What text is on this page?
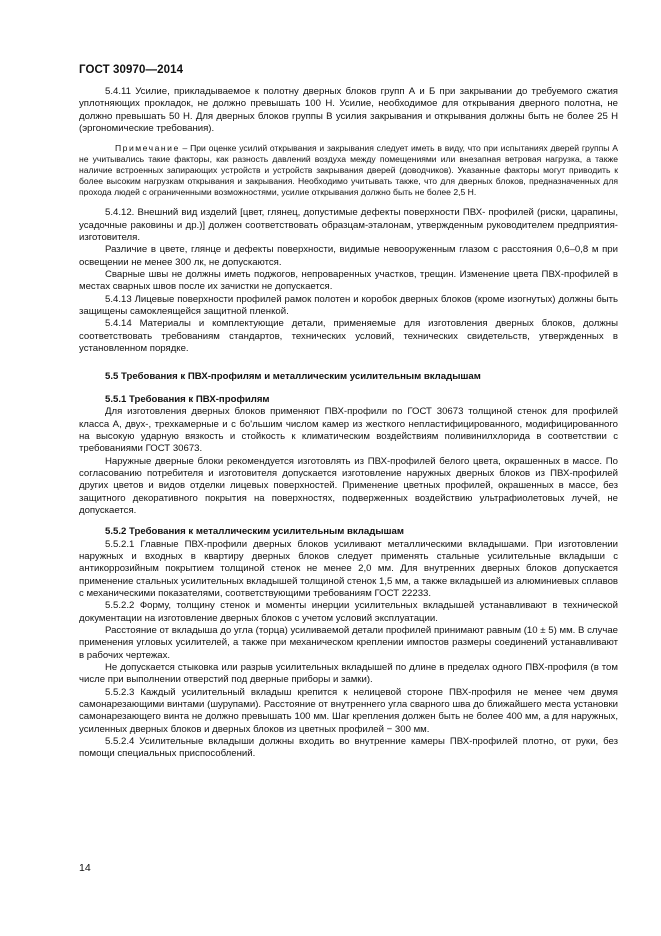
ГОСТ 30970—2014

5.4.11 Усилие, прикладываемое к полотну дверных блоков групп А и Б при закрывании до требуемого сжатия уплотняющих прокладок, не должно превышать 100 Н. Усилие, необходимое для открывания дверного полотна, не должно превышать 50 Н. Для дверных блоков группы В усилия закрывания и открывания должны быть не более 25 Н (эргономические требования).

Примечание – При оценке усилий открывания и закрывания следует иметь в виду, что при испытаниях дверей группы А не учитывались такие факторы, как разность давлений воздуха между помещениями или внезапная ветровая нагрузка, а также наличие встроенных запирающих устройств и устройств закрывания дверей (доводчиков). Указанные факторы могут приводить к более высоким нагрузкам открывания и закрывания. Необходимо учитывать также, что для дверных блоков, предназначенных для прохода людей с ограниченными возможностями, усилие открывания должно быть не более 2,5 Н.

5.4.12. Внешний вид изделий [цвет, глянец, допустимые дефекты поверхности ПВХ- профилей (риски, царапины, усадочные раковины и др.)] должен соответствовать образцам-эталонам, утвержденным руководителем предприятия-изготовителя.

Различие в цвете, глянце и дефекты поверхности, видимые невооруженным глазом с расстояния 0,6–0,8 м при освещении не менее 300 лк, не допускаются.

Сварные швы не должны иметь поджогов, непроваренных участков, трещин. Изменение цвета ПВХ-профилей в местах сварных швов после их зачистки не допускается.

5.4.13 Лицевые поверхности профилей рамок полотен и коробок дверных блоков (кроме изогнутых) должны быть защищены самоклеящейся защитной пленкой.

5.4.14 Материалы и комплектующие детали, применяемые для изготовления дверных блоков, должны соответствовать требованиям стандартов, технических условий, технических свидетельств, утвержденных в установленном порядке.

5.5 Требования к ПВХ-профилям и металлическим усилительным вкладышам

5.5.1 Требования к ПВХ-профилям

Для изготовления дверных блоков применяют ПВХ-профили по ГОСТ 30673 толщиной стенок для профилей класса А, двух-, трехкамерные и с бо'льшим числом камер из жесткого непластифицированного, модифицированного на высокую ударную вязкость и стойкость к климатическим воздействиям поливинилхлорида в соответствии с требованиями ГОСТ 30673.

Наружные дверные блоки рекомендуется изготовлять из ПВХ-профилей белого цвета, окрашенных в массе. По согласованию потребителя и изготовителя допускается изготовление наружных дверных блоков из ПВХ-профилей других цветов и видов отделки лицевых поверхностей. Применение цветных профилей, окрашенных в массе, без защитного декоративного покрытия на поверхностях, подверженных воздействию ультрафиолетовых лучей, не допускается.

5.5.2 Требования к металлическим усилительным вкладышам

5.5.2.1 Главные ПВХ-профили дверных блоков усиливают металлическими вкладышами. При изготовлении наружных и входных в квартиру дверных блоков следует применять стальные усилительные вкладыши с антикоррозийным покрытием толщиной стенок не менее 2,0 мм. Для внутренних дверных блоков допускается применение стальных усилительных вкладышей толщиной стенок 1,5 мм, а также вкладышей из алюминиевых сплавов с механическими показателями, соответствующими требованиям ГОСТ 22233.

5.5.2.2 Форму, толщину стенок и моменты инерции усилительных вкладышей устанавливают в технической документации на изготовление дверных блоков с учетом условий эксплуатации.

Расстояние от вкладыша до угла (торца) усиливаемой детали профилей принимают равным (10 ± 5) мм. В случае применения угловых усилителей, а также при механическом креплении импостов размеры соединений устанавливают в рабочих чертежах.

Не допускается стыковка или разрыв усилительных вкладышей по длине в пределах одного ПВХ-профиля (в том числе при выполнении отверстий под дверные приборы и замки).

5.5.2.3 Каждый усилительный вкладыш крепится к нелицевой стороне ПВХ-профиля не менее чем двумя самонарезающими винтами (шурупами). Расстояние от внутреннего угла сварного шва до ближайшего места установки самонарезающего винта не должно превышать 100 мм. Шаг крепления должен быть не более 400 мм, а для наружных, усиленных дверных блоков и дверных блоков из цветных профилей − 300 мм.

5.5.2.4 Усилительные вкладыши должны входить во внутренние камеры ПВХ-профилей плотно, от руки, без помощи специальных приспособлений.

14
